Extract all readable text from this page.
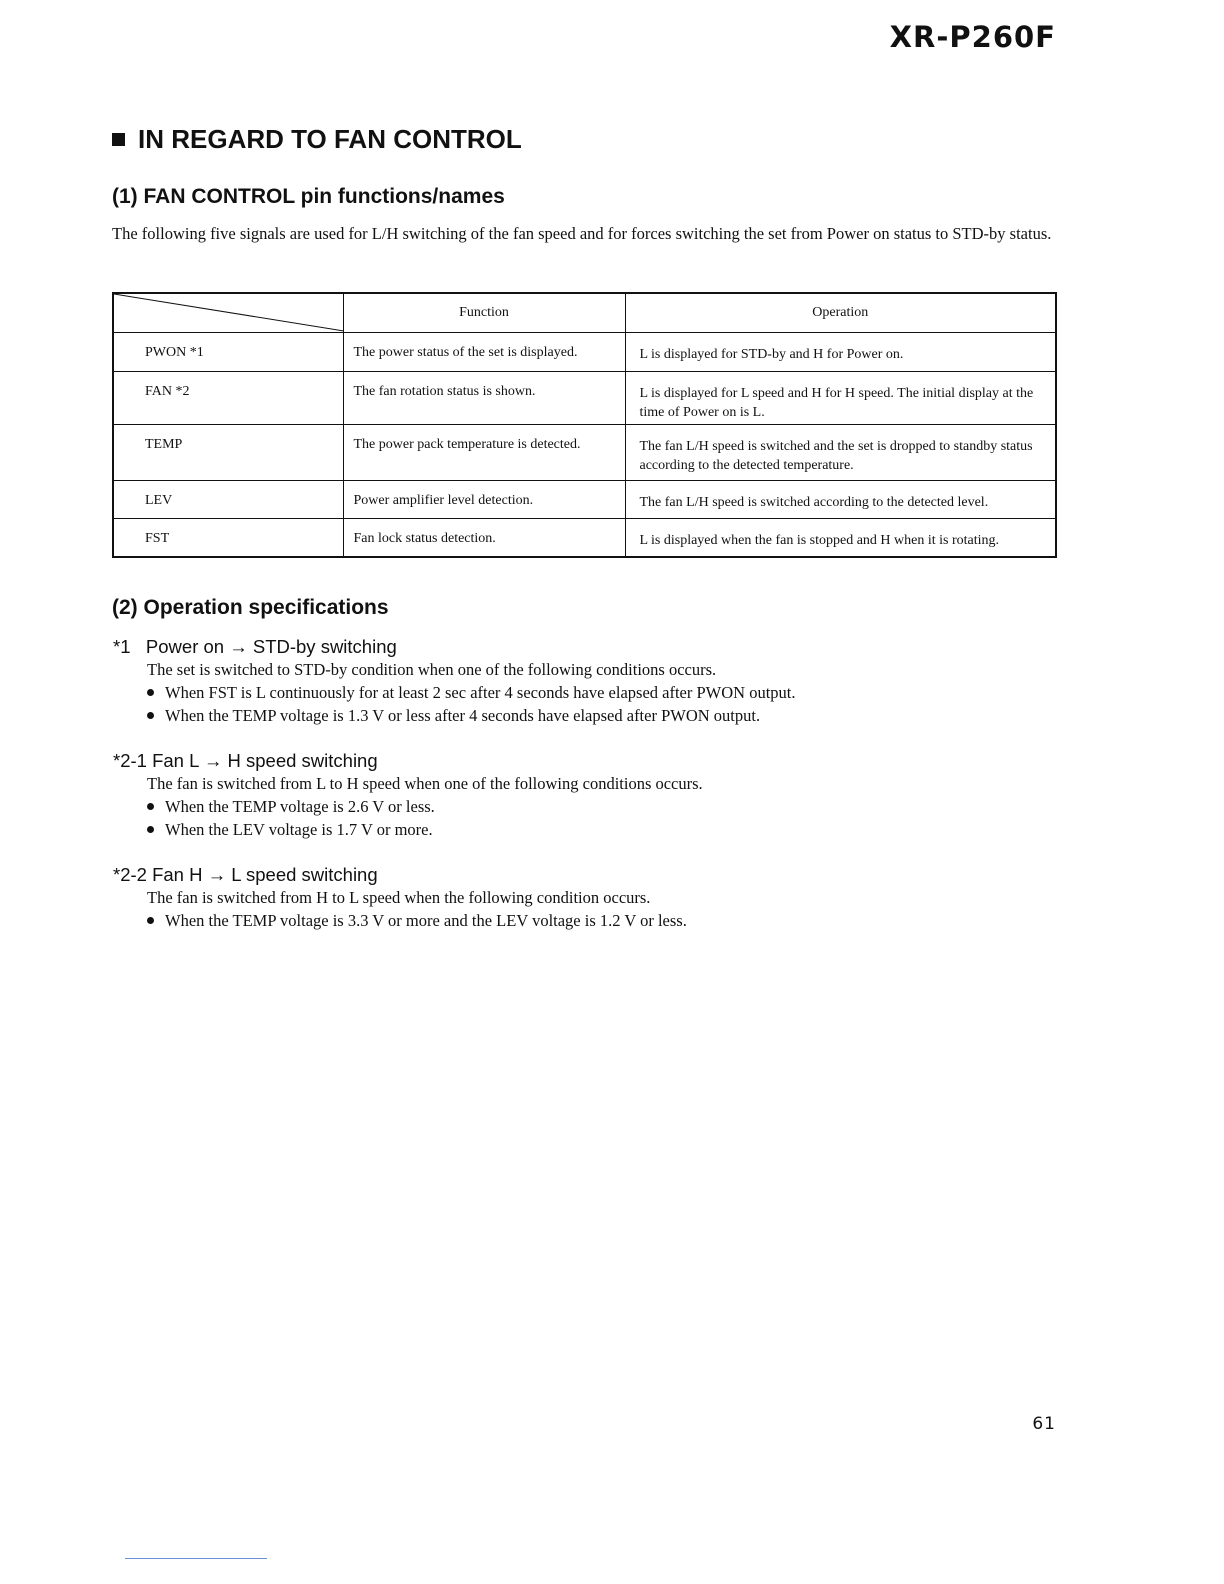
XR-P260F
IN REGARD TO FAN CONTROL
(1) FAN CONTROL pin functions/names
The following five signals are used for L/H switching of the fan speed and for forces switching the set from Power on status to STD-by status.
	Function	Operation
PWON *1	The power status of the set is displayed.	L is displayed for STD-by and H for Power on.
FAN *2	The fan rotation status is shown.	L is displayed for L speed and H for H speed. The initial display at the time of Power on is L.
TEMP	The power pack temperature is detected.	The fan L/H speed is switched and the set is dropped to standby status according to the detected temperature.
LEV	Power amplifier level detection.	The fan L/H speed is switched according to the detected level.
FST	Fan lock status detection.	L is displayed when the fan is stopped and H when it is rotating.
(2) Operation specifications
*1 Power on → STD-by switching
The set is switched to STD-by condition when one of the following conditions occurs.
When FST is L continuously for at least 2 sec after 4 seconds have elapsed after PWON output.
When the TEMP voltage is 1.3 V or less after 4 seconds have elapsed after PWON output.
*2-1 Fan L → H speed switching
The fan is switched from L to H speed when one of the following conditions occurs.
When the TEMP voltage is 2.6 V or less.
When the LEV voltage is 1.7 V or more.
*2-2 Fan H → L speed switching
The fan is switched from H to L speed when the following condition occurs.
When the TEMP voltage is 3.3 V or more and the LEV voltage is 1.2 V or less.
61
